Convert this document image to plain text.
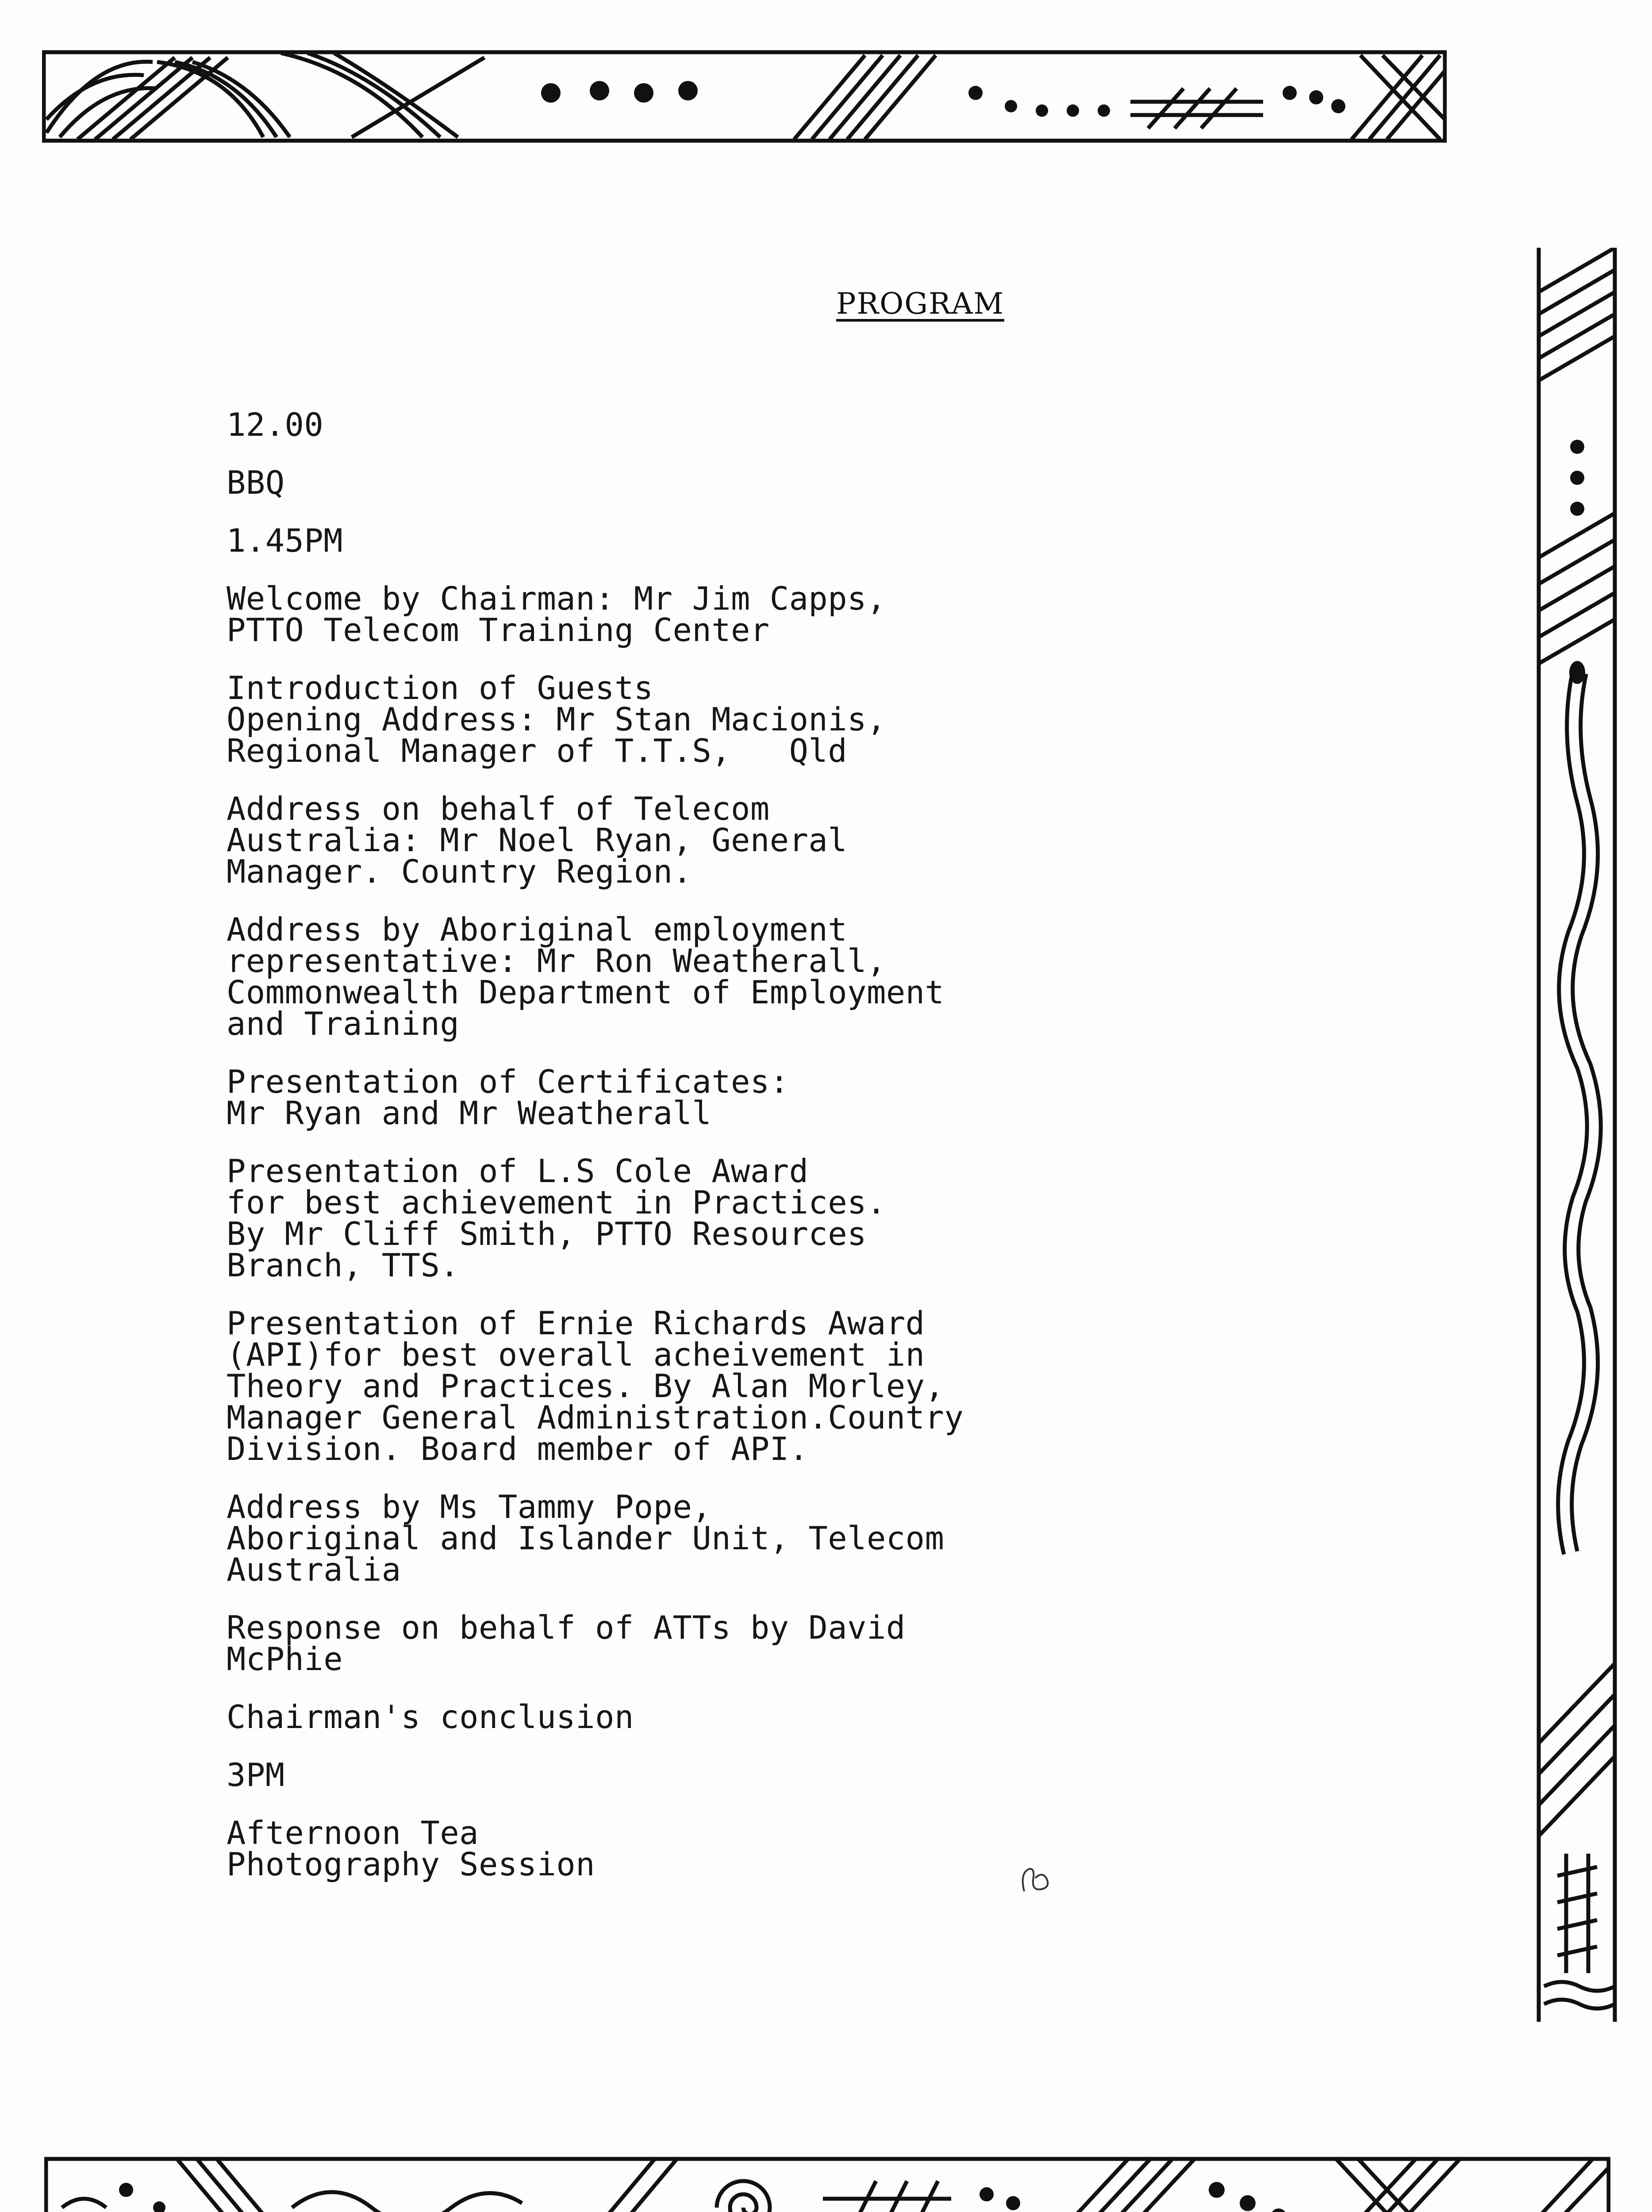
PROGRAM
12.00
BBQ
1.45PM
Welcome by Chairman: Mr Jim Capps,
PTTO Telecom Training Center
Introduction of Guests
Opening Address: Mr Stan Macionis,
Regional Manager of T.T.S,   Qld
Address on behalf of Telecom
Australia: Mr Noel Ryan, General
Manager. Country Region.
Address by Aboriginal employment
representative: Mr Ron Weatherall,
Commonwealth Department of Employment
and Training
Presentation of Certificates:
Mr Ryan and Mr Weatherall
Presentation of L.S Cole Award
for best achievement in Practices.
By Mr Cliff Smith, PTTO Resources
Branch, TTS.
Presentation of Ernie Richards Award
(API)for best overall acheivement in
Theory and Practices. By Alan Morley,
Manager General Administration.Country
Division. Board member of API.
Address by Ms Tammy Pope,
Aboriginal and Islander Unit, Telecom
Australia
Response on behalf of ATTs by David
McPhie
Chairman's conclusion
3PM
Afternoon Tea
Photography Session
